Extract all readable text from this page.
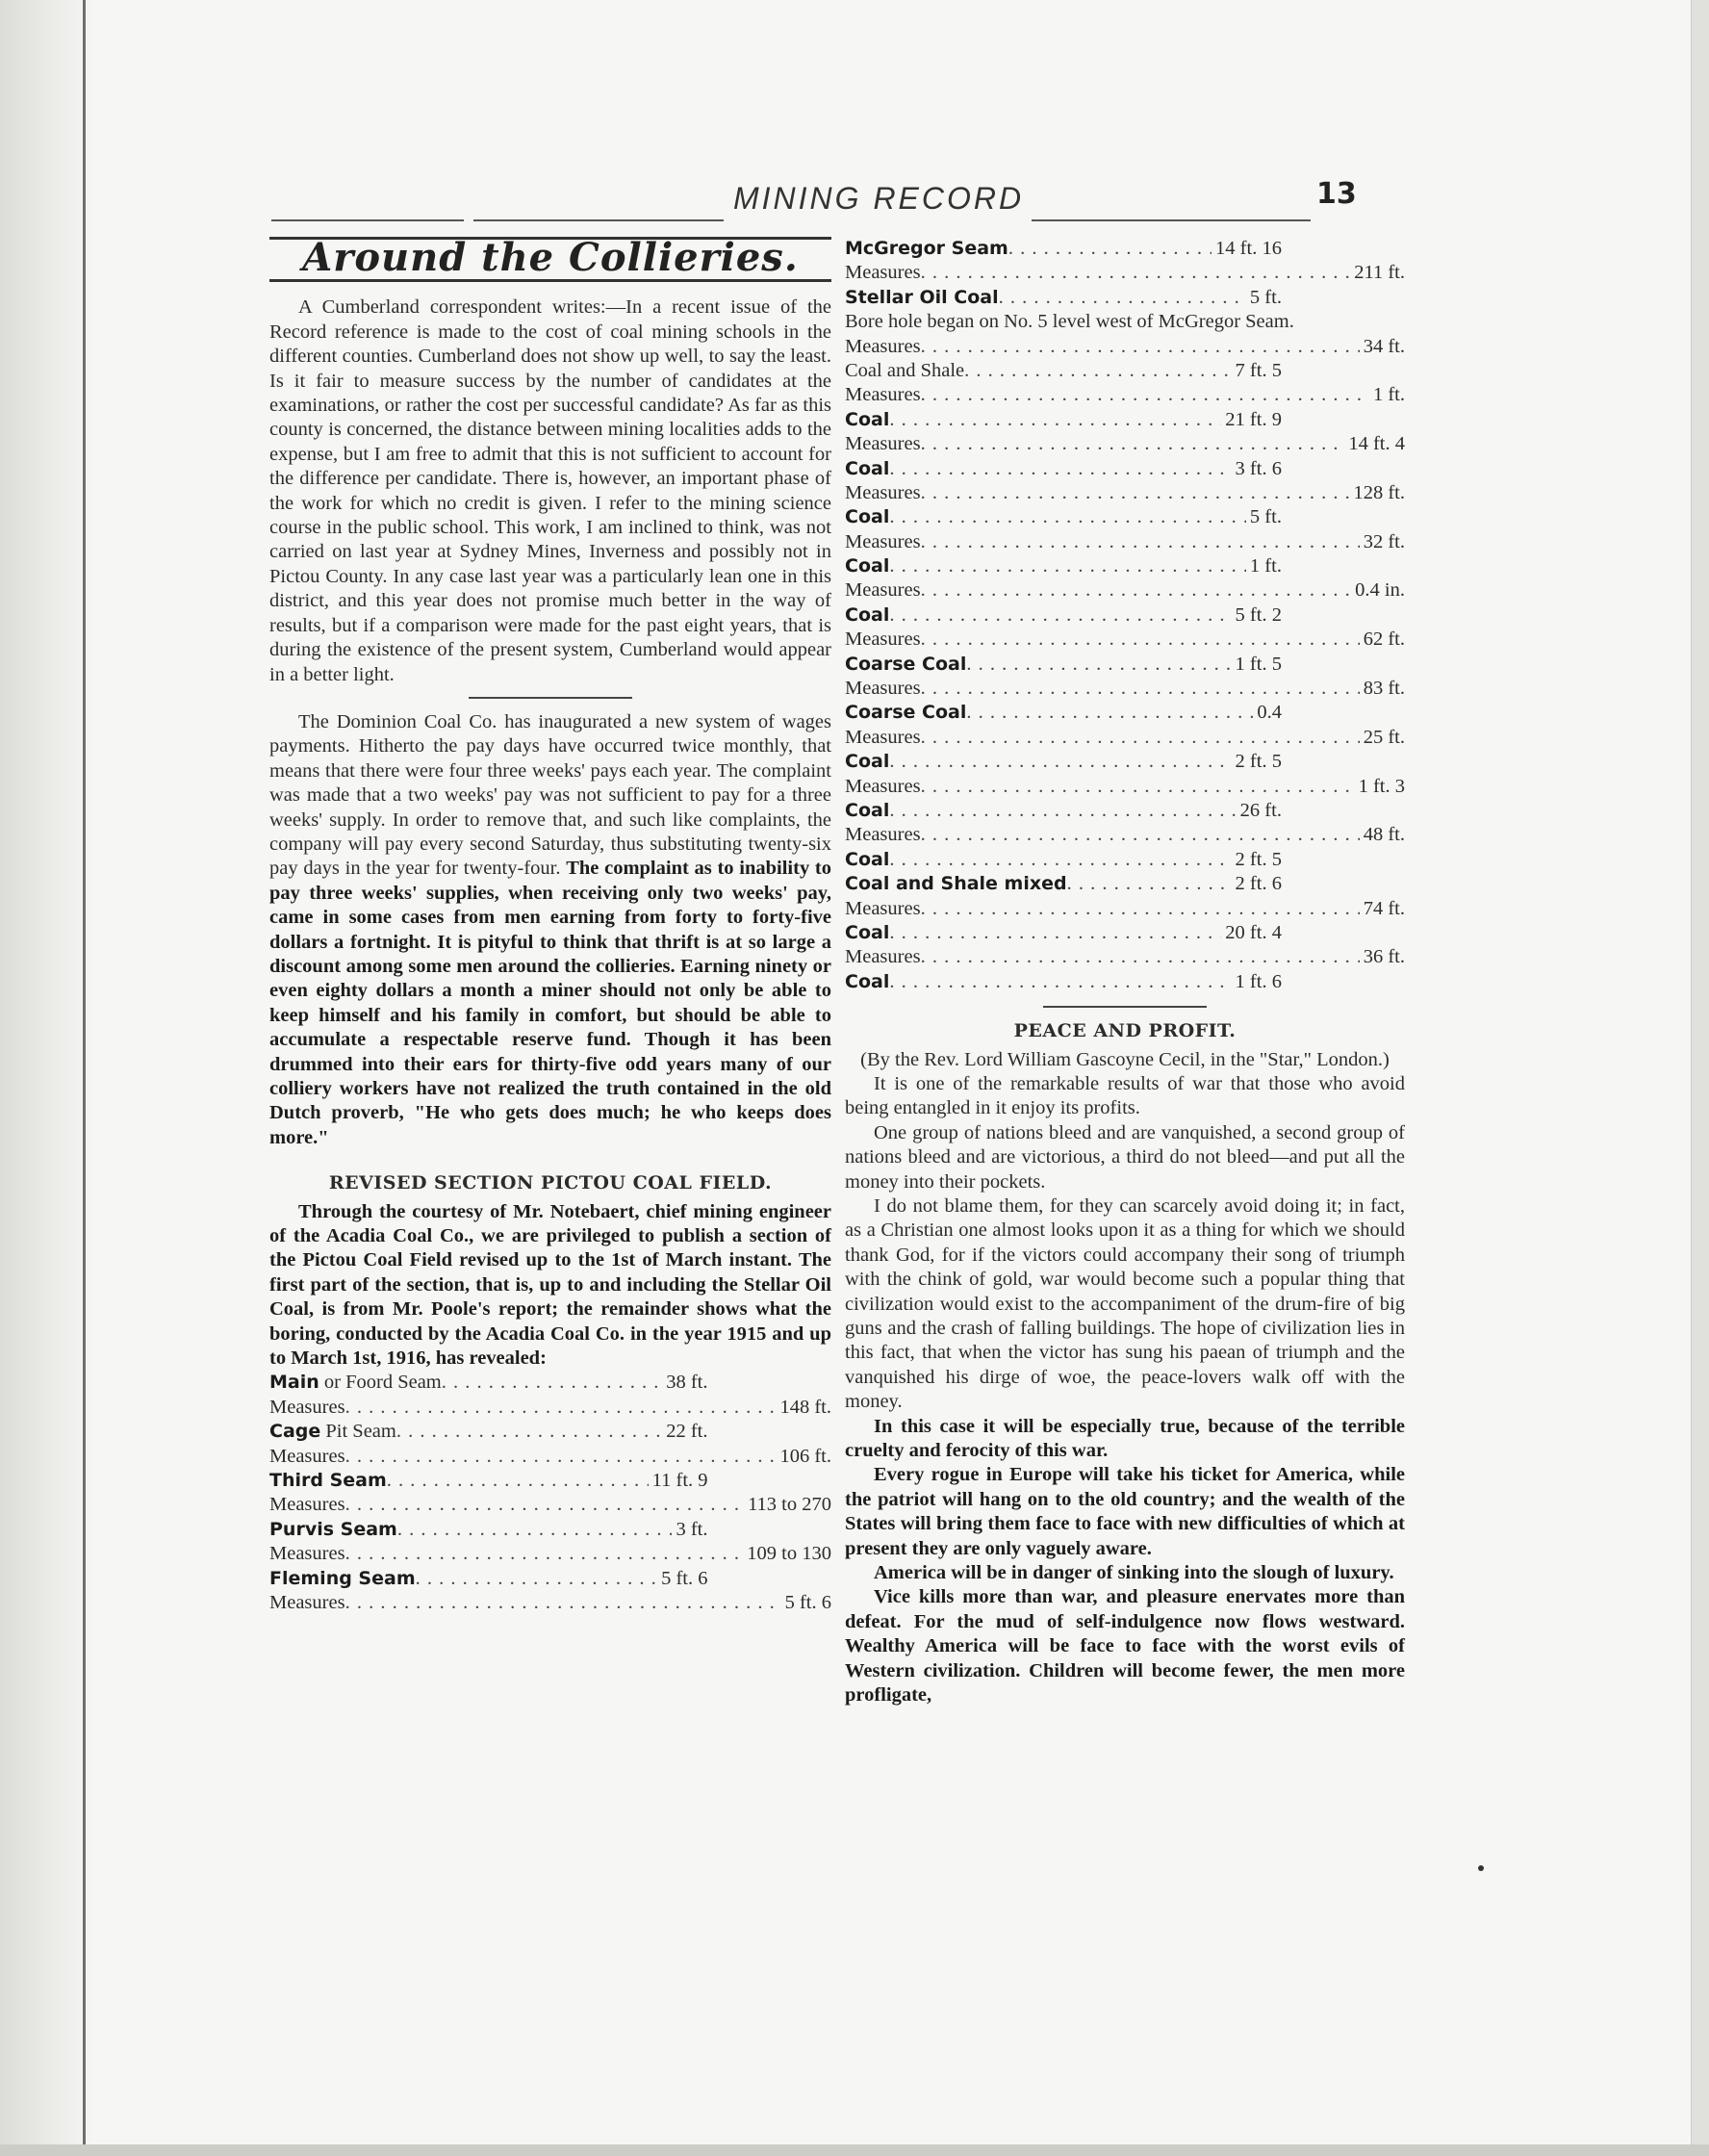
MINING RECORD	13
Around the Collieries.

A Cumberland correspondent writes:—In a recent issue of the Record reference is made to the cost of coal mining schools in the different counties. Cumberland does not show up well, to say the least. Is it fair to measure success by the number of candidates at the examinations, or rather the cost per successful candidate? As far as this county is concerned, the distance between mining localities adds to the expense, but I am free to admit that this is not sufficient to account for the difference per candidate. There is, however, an important phase of the work for which no credit is given. I refer to the mining science course in the public school. This work, I am inclined to think, was not carried on last year at Sydney Mines, Inverness and possibly not in Pictou County. In any case last year was a particularly lean one in this district, and this year does not promise much better in the way of results, but if a comparison were made for the past eight years, that is during the existence of the present system, Cumberland would appear in a better light.

The Dominion Coal Co. has inaugurated a new system of wages payments. Hitherto the pay days have occurred twice monthly, that means that there were four three weeks' pays each year. The complaint was made that a two weeks' pay was not sufficient to pay for a three weeks' supply. In order to remove that, and such like complaints, the company will pay every second Saturday, thus substituting twenty-six pay days in the year for twenty-four. The complaint as to inability to pay three weeks' supplies, when receiving only two weeks' pay, came in some cases from men earning from forty to forty-five dollars a fortnight. It is pityful to think that thrift is at so large a discount among some men around the collieries. Earning ninety or even eighty dollars a month a miner should not only be able to keep himself and his family in comfort, but should be able to accumulate a respectable reserve fund. Though it has been drummed into their ears for thirty-five odd years many of our colliery workers have not realized the truth contained in the old Dutch proverb, "He who gets does much; he who keeps does more."

REVISED SECTION PICTOU COAL FIELD.

Through the courtesy of Mr. Notebaert, chief mining engineer of the Acadia Coal Co., we are privileged to publish a section of the Pictou Coal Field revised up to the 1st of March instant. The first part of the section, that is, up to and including the Stellar Oil Coal, is from Mr. Poole's report; the remainder shows what the boring, conducted by the Acadia Coal Co. in the year 1915 and up to March 1st, 1916, has revealed:

Main or Foord Seam . . .	38 ft.
Measures . . .	148 ft.
Cage Pit Seam . . .	22 ft.
Measures . . .	106 ft.
Third Seam . . .	11 ft. 9
Measures . . .	113 to 270
Purvis Seam . . .	3 ft.
Measures . . .	109 to 130
Fleming Seam . . .	5 ft. 6
Measures . . .	5 ft. 6
McGregor Seam . . .	14 ft. 16
Measures . . .	211 ft.
Stellar Oil Coal . . .	5 ft.

Bore hole began on No. 5 level west of McGregor Seam.

Measures . . .	34 ft.
Coal and Shale . . .	7 ft. 5
Measures . . .	1 ft.
Coal . . .	21 ft. 9
Measures . . .	14 ft. 4
Coal . . .	3 ft. 6
Measures . . .	128 ft.
Coal . . .	5 ft.
Measures . . .	32 ft.
Coal . . .	1 ft.
Measures . . .	0.4 in.
Coal . . .	5 ft. 2
Measures . . .	62 ft.
Coarse Coal . . .	1 ft. 5
Measures . . .	83 ft.
Coarse Coal . . .	0.4
Measures . . .	25 ft.
Coal . . .	2 ft. 5
Measures . . .	1 ft. 3
Coal . . .	26 ft.
Measures . . .	48 ft.
Coal . . .	2 ft. 5
Coal and Shale mixed . . .	2 ft. 6
Measures . . .	74 ft.
Coal . . .	20 ft. 4
Measures . . .	36 ft.
Coal . . .	1 ft. 6
PEACE AND PROFIT.

(By the Rev. Lord William Gascoyne Cecil, in the "Star," London.)

It is one of the remarkable results of war that those who avoid being entangled in it enjoy its profits.

One group of nations bleed and are vanquished, a second group of nations bleed and are victorious, a third do not bleed—and put all the money into their pockets.

I do not blame them, for they can scarcely avoid doing it; in fact, as a Christian one almost looks upon it as a thing for which we should thank God, for if the victors could accompany their song of triumph with the chink of gold, war would become such a popular thing that civilization would exist to the accompaniment of the drum-fire of big guns and the crash of falling buildings. The hope of civilization lies in this fact, that when the victor has sung his paean of triumph and the vanquished his dirge of woe, the peace-lovers walk off with the money.

In this case it will be especially true, because of the terrible cruelty and ferocity of this war.

Every rogue in Europe will take his ticket for America, while the patriot will hang on to the old country; and the wealth of the States will bring them face to face with new difficulties of which at present they are only vaguely aware.

America will be in danger of sinking into the slough of luxury.

Vice kills more than war, and pleasure enervates more than defeat. For the mud of self-indulgence now flows westward. Wealthy America will be face to face with the worst evils of Western civilization. Children will become fewer, the men more profligate,
